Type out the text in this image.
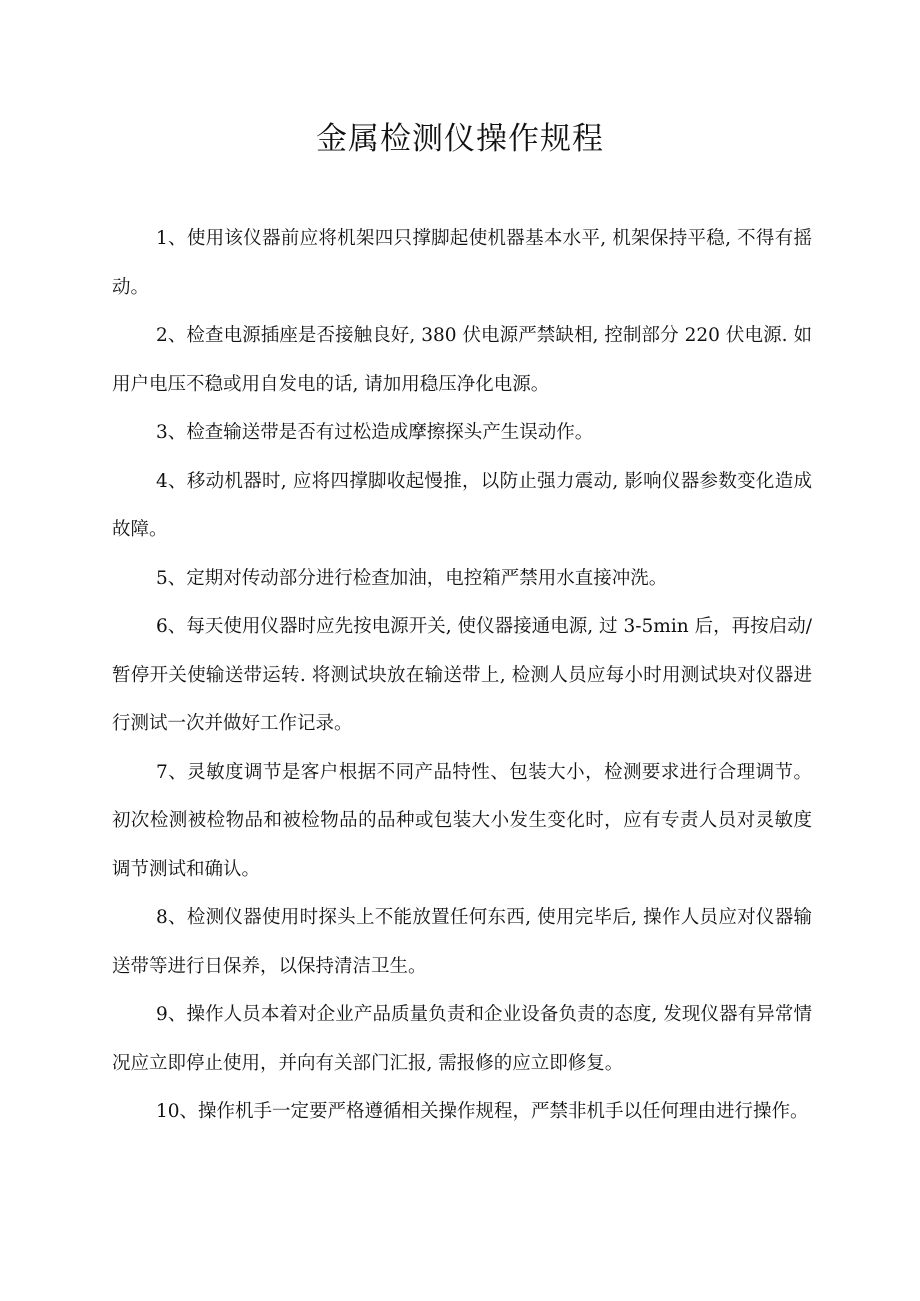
金属检测仪操作规程

1、使用该仪器前应将机架四只撑脚起使机器基本水平, 机架保持平稳, 不得有摇动。

2、检查电源插座是否接触良好, 380 伏电源严禁缺相, 控制部分 220 伏电源. 如用户电压不稳或用自发电的话, 请加用稳压净化电源。

3、检查输送带是否有过松造成摩擦探头产生误动作。

4、移动机器时, 应将四撑脚收起慢推，以防止强力震动, 影响仪器参数变化造成故障。

5、定期对传动部分进行检查加油，电控箱严禁用水直接冲洗。

6、每天使用仪器时应先按电源开关, 使仪器接通电源, 过 3-5min 后，再按启动/暂停开关使输送带运转. 将测试块放在输送带上, 检测人员应每小时用测试块对仪器进行测试一次并做好工作记录。

7、灵敏度调节是客户根据不同产品特性、包装大小，检测要求进行合理调节。初次检测被检物品和被检物品的品种或包装大小发生变化时，应有专责人员对灵敏度调节测试和确认。

8、检测仪器使用时探头上不能放置任何东西, 使用完毕后, 操作人员应对仪器输送带等进行日保养，以保持清洁卫生。

9、操作人员本着对企业产品质量负责和企业设备负责的态度, 发现仪器有异常情况应立即停止使用，并向有关部门汇报, 需报修的应立即修复。

10、操作机手一定要严格遵循相关操作规程，严禁非机手以任何理由进行操作。
